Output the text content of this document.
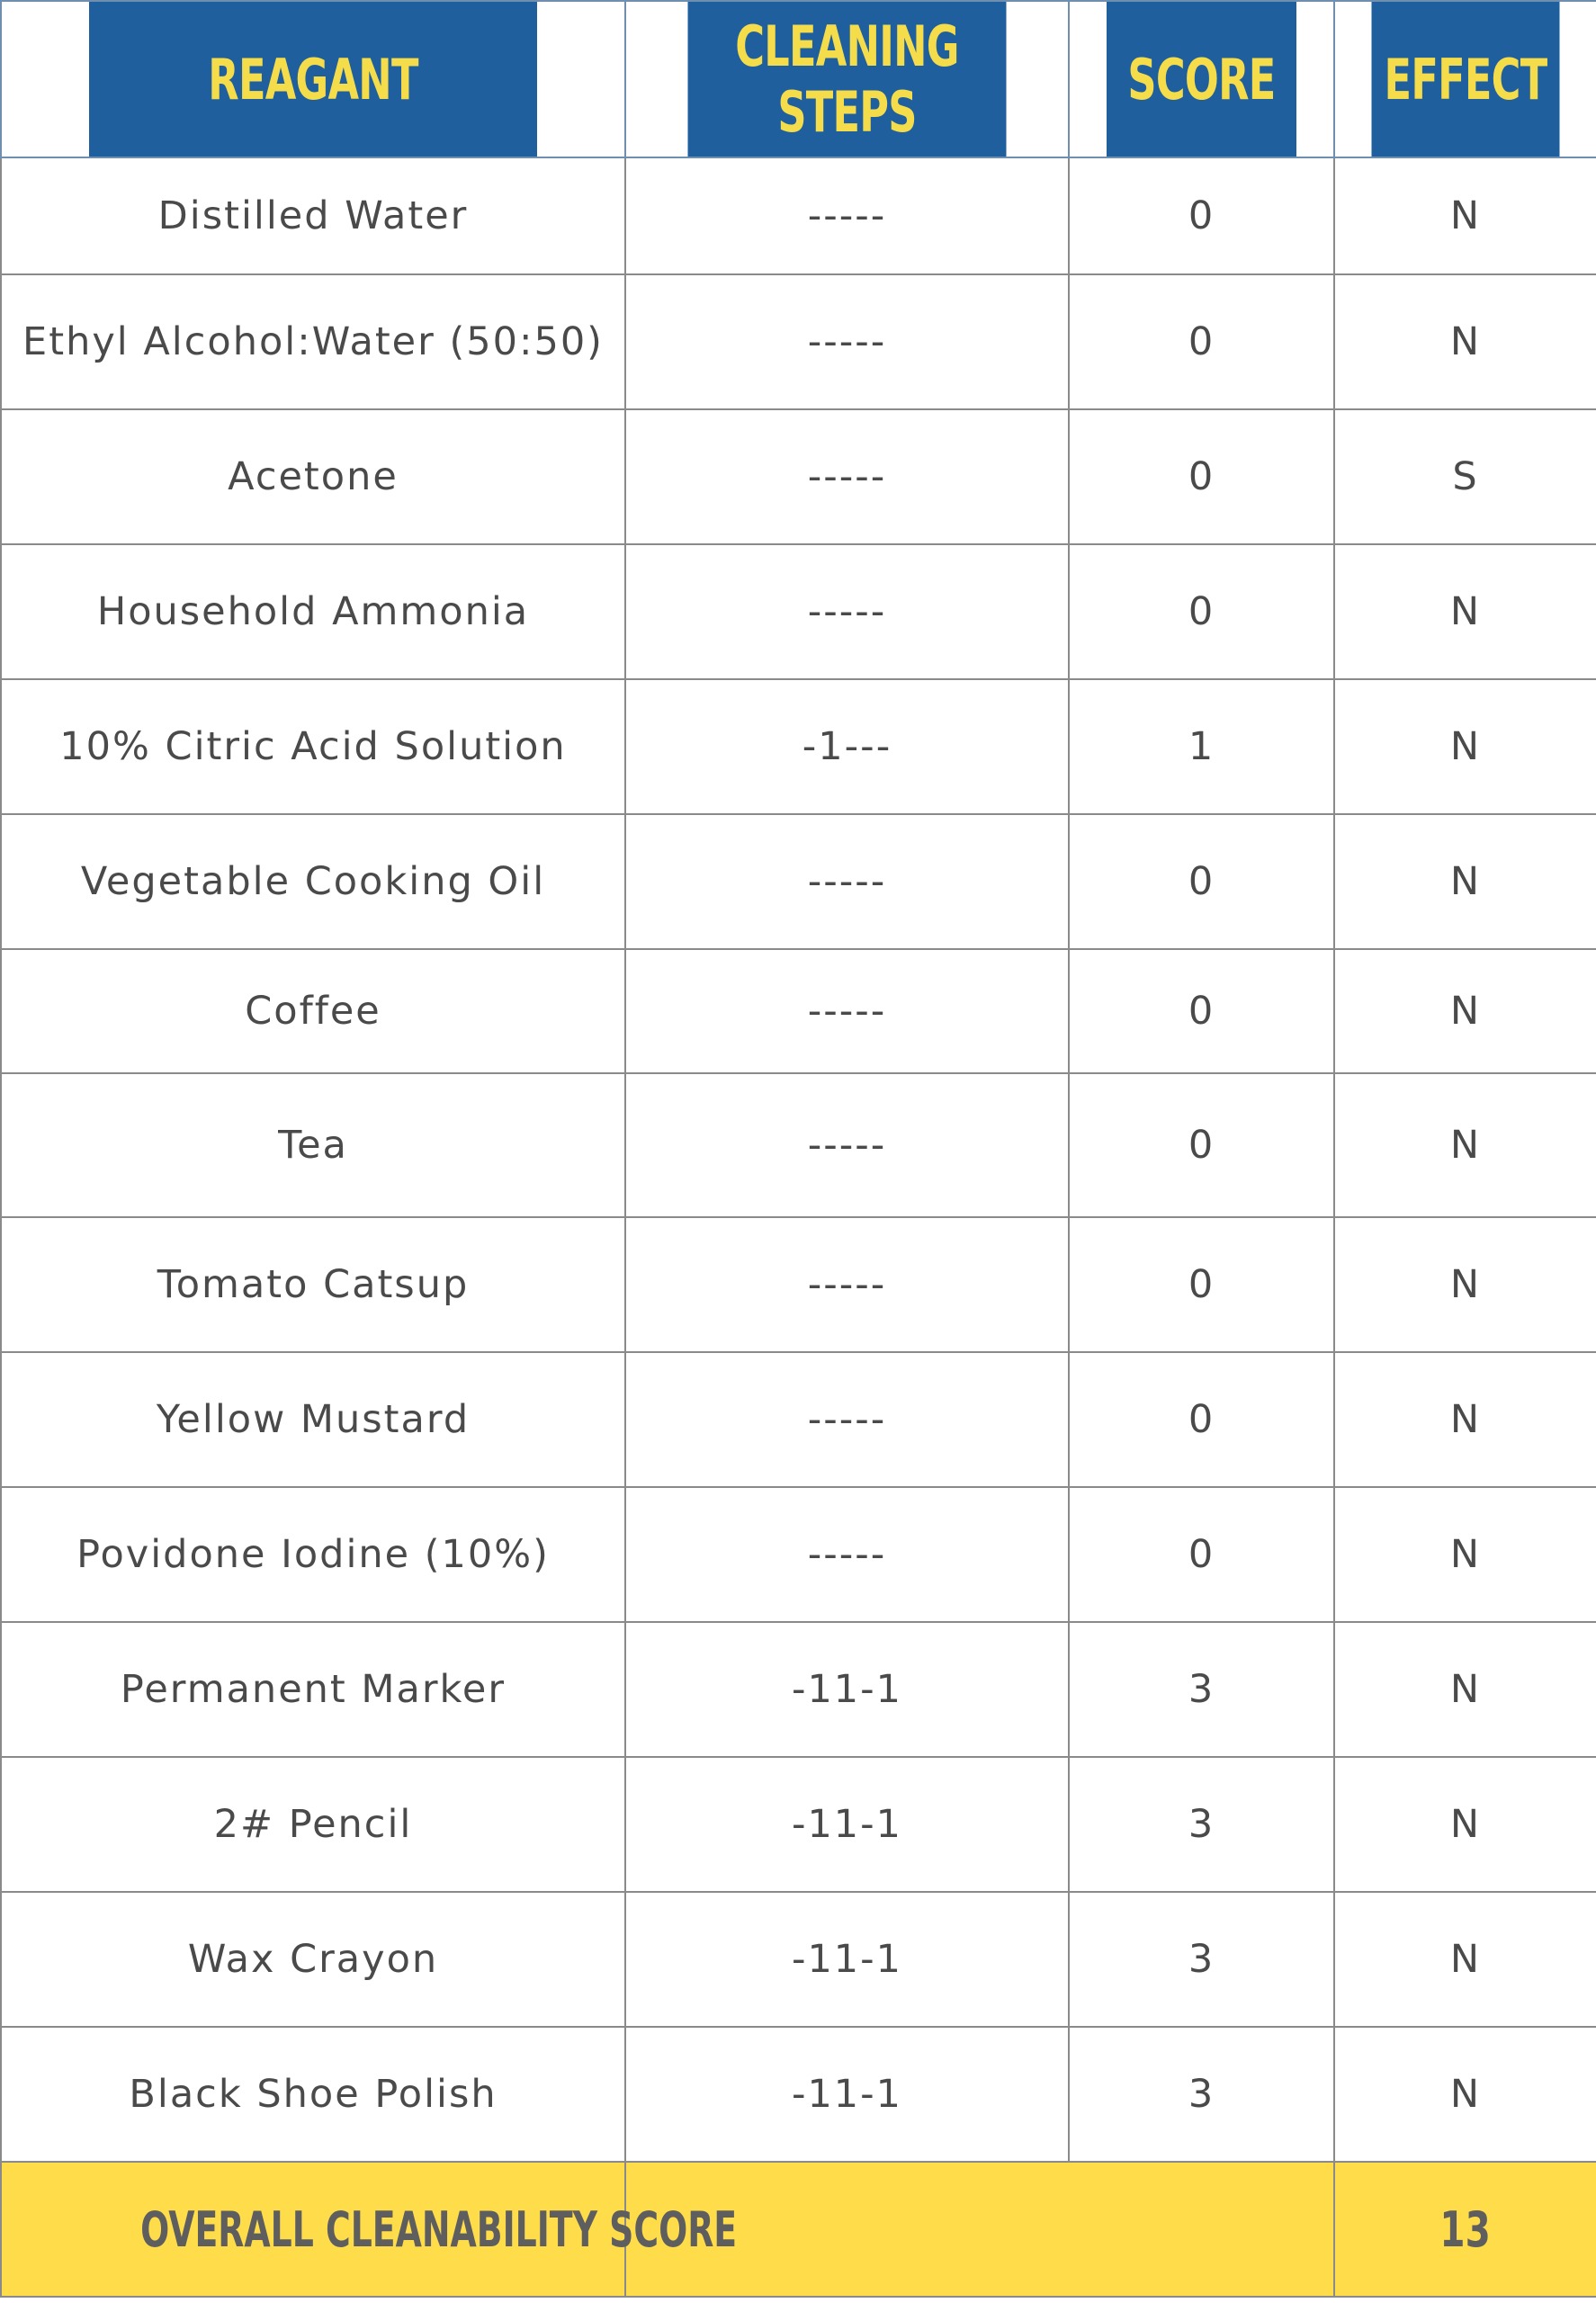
REAGANT	CLEANING STEPS	SCORE	EFFECT
Distilled Water	-----	0	N
Ethyl Alcohol:Water (50:50)	-----	0	N
Acetone	-----	0	S
Household Ammonia	-----	0	N
10% Citric Acid Solution	-1---	1	N
Vegetable Cooking Oil	-----	0	N
Coffee	-----	0	N
Tea	-----	0	N
Tomato Catsup	-----	0	N
Yellow Mustard	-----	0	N
Povidone Iodine (10%)	-----	0	N
Permanent Marker	-11-1	3	N
2# Pencil	-11-1	3	N
Wax Crayon	-11-1	3	N
Black Shoe Polish	-11-1	3	N
OVERALL CLEANABILITY SCORE			13
